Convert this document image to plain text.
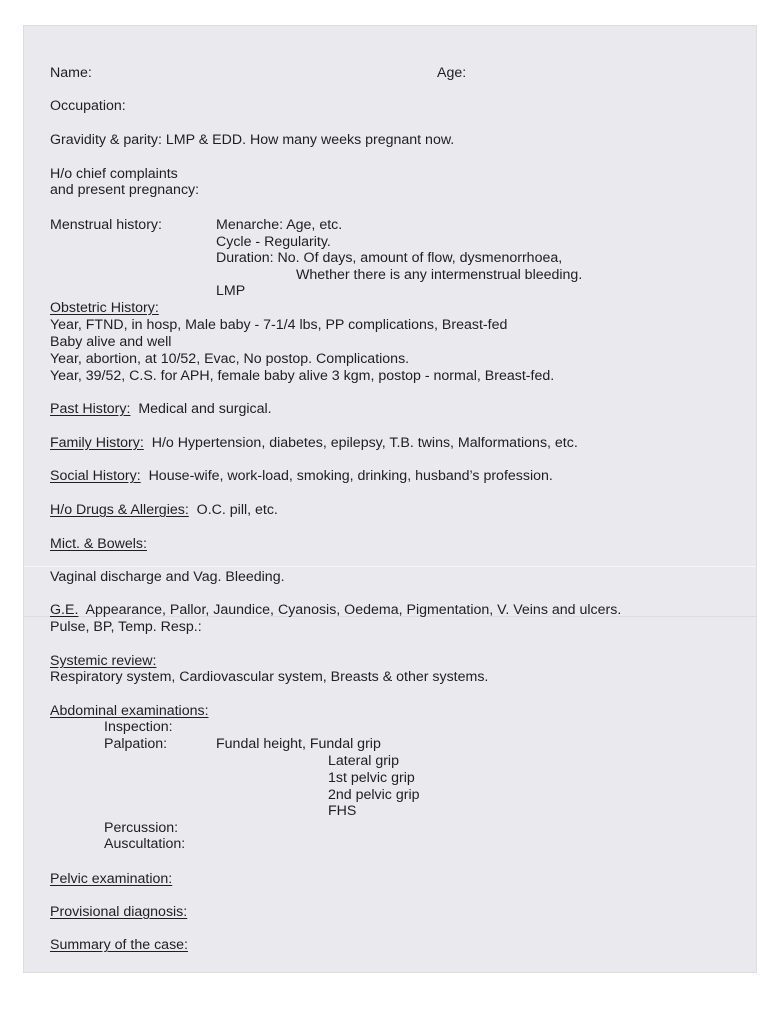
Name:	Age:
Occupation:
Gravidity & parity: LMP & EDD. How many weeks pregnant now.
H/o chief complaints
and present pregnancy:
Menstrual history:	Menarche: Age, etc.
Cycle - Regularity.
Duration: No. Of days, amount of flow, dysmenorrhoea,
Whether there is any intermenstrual bleeding.
LMP
Obstetric History:
Year, FTND, in hosp, Male baby - 7-1/4 lbs, PP complications, Breast-fed
Baby alive and well
Year, abortion, at 10/52, Evac, No postop. Complications.
Year, 39/52, C.S. for APH, female baby alive 3 kgm, postop - normal, Breast-fed.
Past History: Medical and surgical.
Family History: H/o Hypertension, diabetes, epilepsy, T.B. twins, Malformations, etc.
Social History: House-wife, work-load, smoking, drinking, husband’s profession.
H/o Drugs & Allergies: O.C. pill, etc.
Mict. & Bowels:
Vaginal discharge and Vag. Bleeding.
G.E. Appearance, Pallor, Jaundice, Cyanosis, Oedema, Pigmentation, V. Veins and ulcers.
Pulse, BP, Temp. Resp.:
Systemic review:
Respiratory system, Cardiovascular system, Breasts & other systems.
Abdominal examinations:
Inspection:
Palpation:	Fundal height, Fundal grip
Lateral grip
1st pelvic grip
2nd pelvic grip
FHS
Percussion:
Auscultation:
Pelvic examination:
Provisional diagnosis:
Summary of the case:
